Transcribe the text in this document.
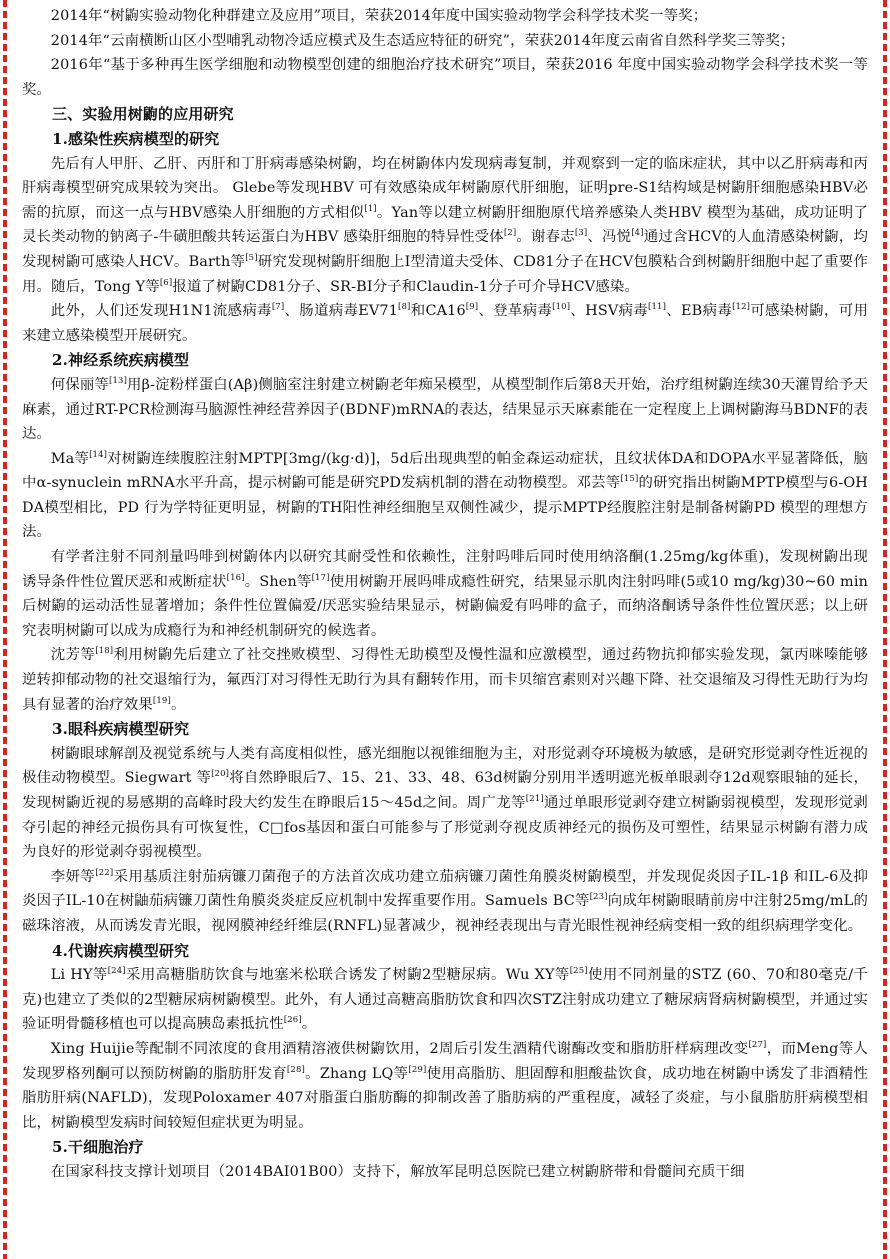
2014年“树鼩实验动物化种群建立及应用”项目，荣获2014年度中国实验动物学会科学技术奖一等奖；

2014年“云南横断山区小型哺乳动物冷适应模式及生态适应特征的研究”，荣获2014年度云南省自然科学奖三等奖；

2016年“基于多种再生医学细胞和动物模型创建的细胞治疗技术研究”项目，荣获2016 年度中国实验动物学会科学技术奖一等奖。

三、实验用树鼩的应用研究

1.感染性疾病模型的研究

先后有人甲肝、乙肝、丙肝和丁肝病毒感染树鼩，均在树鼩体内发现病毒复制，并观察到一定的临床症状，其中以乙肝病毒和丙肝病毒模型研究成果较为突出。 Glebe等发现HBV 可有效感染成年树鼩原代肝细胞，证明pre-S1结构域是树鼩肝细胞感染HBV必需的抗原，而这一点与HBV感染人肝细胞的方式相似[1]。Yan等以建立树鼩肝细胞原代培养感染人类HBV 模型为基础，成功证明了灵长类动物的钠离子-牛磺胆酸共转运蛋白为HBV 感染肝细胞的特异性受体[2]。谢春志[3]、冯悦[4]通过含HCV的人血清感染树鼩，均发现树鼩可感染人HCV。Barth等[5]研究发现树鼩肝细胞上Ⅰ型清道夫受体、CD81分子在HCV包膜粘合到树鼩肝细胞中起了重要作用。随后，Tong Y等[6]报道了树鼩CD81分子、SR-BI分子和Claudin-1分子可介导HCV感染。

此外，人们还发现H1N1流感病毒[7]、肠道病毒EV71[8]和CA16[9]、登革病毒[10]、HSV病毒[11]、EB病毒[12]可感染树鼩，可用来建立感染模型开展研究。

2.神经系统疾病模型

何保丽等[13]用β-淀粉样蛋白(Aβ)侧脑室注射建立树鼩老年痴呆模型，从模型制作后第8天开始，治疗组树鼩连续30天灌胃给予天麻素，通过RT-PCR检测海马脑源性神经营养因子(BDNF)mRNA的表达，结果显示天麻素能在一定程度上上调树鼩海马BDNF的表达。

Ma等[14]对树鼩连续腹腔注射MPTP[3mg/(kg·d)]，5d后出现典型的帕金森运动症状，且纹状体DA和DOPA水平显著降低，脑中α-synuclein mRNA水平升高，提示树鼩可能是研究PD发病机制的潜在动物模型。邓芸等[15]的研究指出树鼩MPTP模型与6-OHDA模型相比，PD 行为学特征更明显，树鼩的TH阳性神经细胞呈双侧性减少，提示MPTP经腹腔注射是制备树鼩PD 模型的理想方法。

有学者注射不同剂量吗啡到树鼩体内以研究其耐受性和依赖性，注射吗啡后同时使用纳洛酮(1.25mg/kg体重)，发现树鼩出现诱导条件性位置厌恶和戒断症状[16]。Shen等[17]使用树鼩开展吗啡成瘾性研究，结果显示肌肉注射吗啡(5或10 mg/kg)30~60 min后树鼩的运动活性显著增加；条件性位置偏爱/厌恶实验结果显示，树鼩偏爱有吗啡的盒子，而纳洛酮诱导条件性位置厌恶；以上研究表明树鼩可以成为成瘾行为和神经机制研究的候选者。

沈芳等[18]利用树鼩先后建立了社交挫败模型、习得性无助模型及慢性温和应激模型，通过药物抗抑郁实验发现，氯丙咪嗪能够逆转抑郁动物的社交退缩行为，氟西汀对习得性无助行为具有翻转作用，而卡贝缩宫素则对兴趣下降、社交退缩及习得性无助行为均具有显著的治疗效果[19]。

3.眼科疾病模型研究

树鼩眼球解剖及视觉系统与人类有高度相似性，感光细胞以视锥细胞为主，对形觉剥夺环境极为敏感，是研究形觉剥夺性近视的极佳动物模型。Siegwart 等[20]将自然睁眼后7、15、21、33、48、63d树鼩分别用半透明遮光板单眼剥夺12d观察眼轴的延长，发现树鼩近视的易感期的高峰时段大约发生在睁眼后15～45d之间。周广龙等[21]通过单眼形觉剥夺建立树鼩弱视模型，发现形觉剥夺引起的神经元损伤具有可恢复性，C□fos基因和蛋白可能参与了形觉剥夺视皮质神经元的损伤及可塑性，结果显示树鼩有潜力成为良好的形觉剥夺弱视模型。

李妍等[22]采用基质注射茄病镰刀菌孢子的方法首次成功建立茄病镰刀菌性角膜炎树鼩模型，并发现促炎因子IL-1β 和IL-6及抑炎因子IL-10在树鼬茄病镰刀菌性角膜炎炎症反应机制中发挥重要作用。Samuels BC等[23]向成年树鼩眼睛前房中注射25mg/mL的磁珠溶液，从而诱发青光眼，视网膜神经纤维层(RNFL)显著减少，视神经表现出与青光眼性视神经病变相一致的组织病理学变化。

4.代谢疾病模型研究

Li HY等[24]采用高糖脂肪饮食与地塞米松联合诱发了树鼩2型糖尿病。Wu XY等[25]使用不同剂量的STZ (60、70和80毫克/千克)也建立了类似的2型糖尿病树鼩模型。此外，有人通过高糖高脂肪饮食和四次STZ注射成功建立了糖尿病肾病树鼩模型，并通过实验证明骨髓移植也可以提高胰岛素抵抗性[26]。

Xing Huijie等配制不同浓度的食用酒精溶液供树鼩饮用，2周后引发生酒精代谢酶改变和脂肪肝样病理改变[27]，而Meng等人发现罗格列酮可以预防树鼩的脂肪肝发育[28]。Zhang LQ等[29]使用高脂肪、胆固醇和胆酸盐饮食，成功地在树鼩中诱发了非酒精性脂肪肝病(NAFLD)，发现Poloxamer 407对脂蛋白脂肪酶的抑制改善了脂肪病的严重程度，减轻了炎症，与小鼠脂肪肝病模型相比，树鼩模型发病时间较短但症状更为明显。

5.干细胞治疗

在国家科技支撑计划项目（2014BAI01B00）支持下，解放军昆明总医院已建立树鼩脐带和骨髓间充质干细
